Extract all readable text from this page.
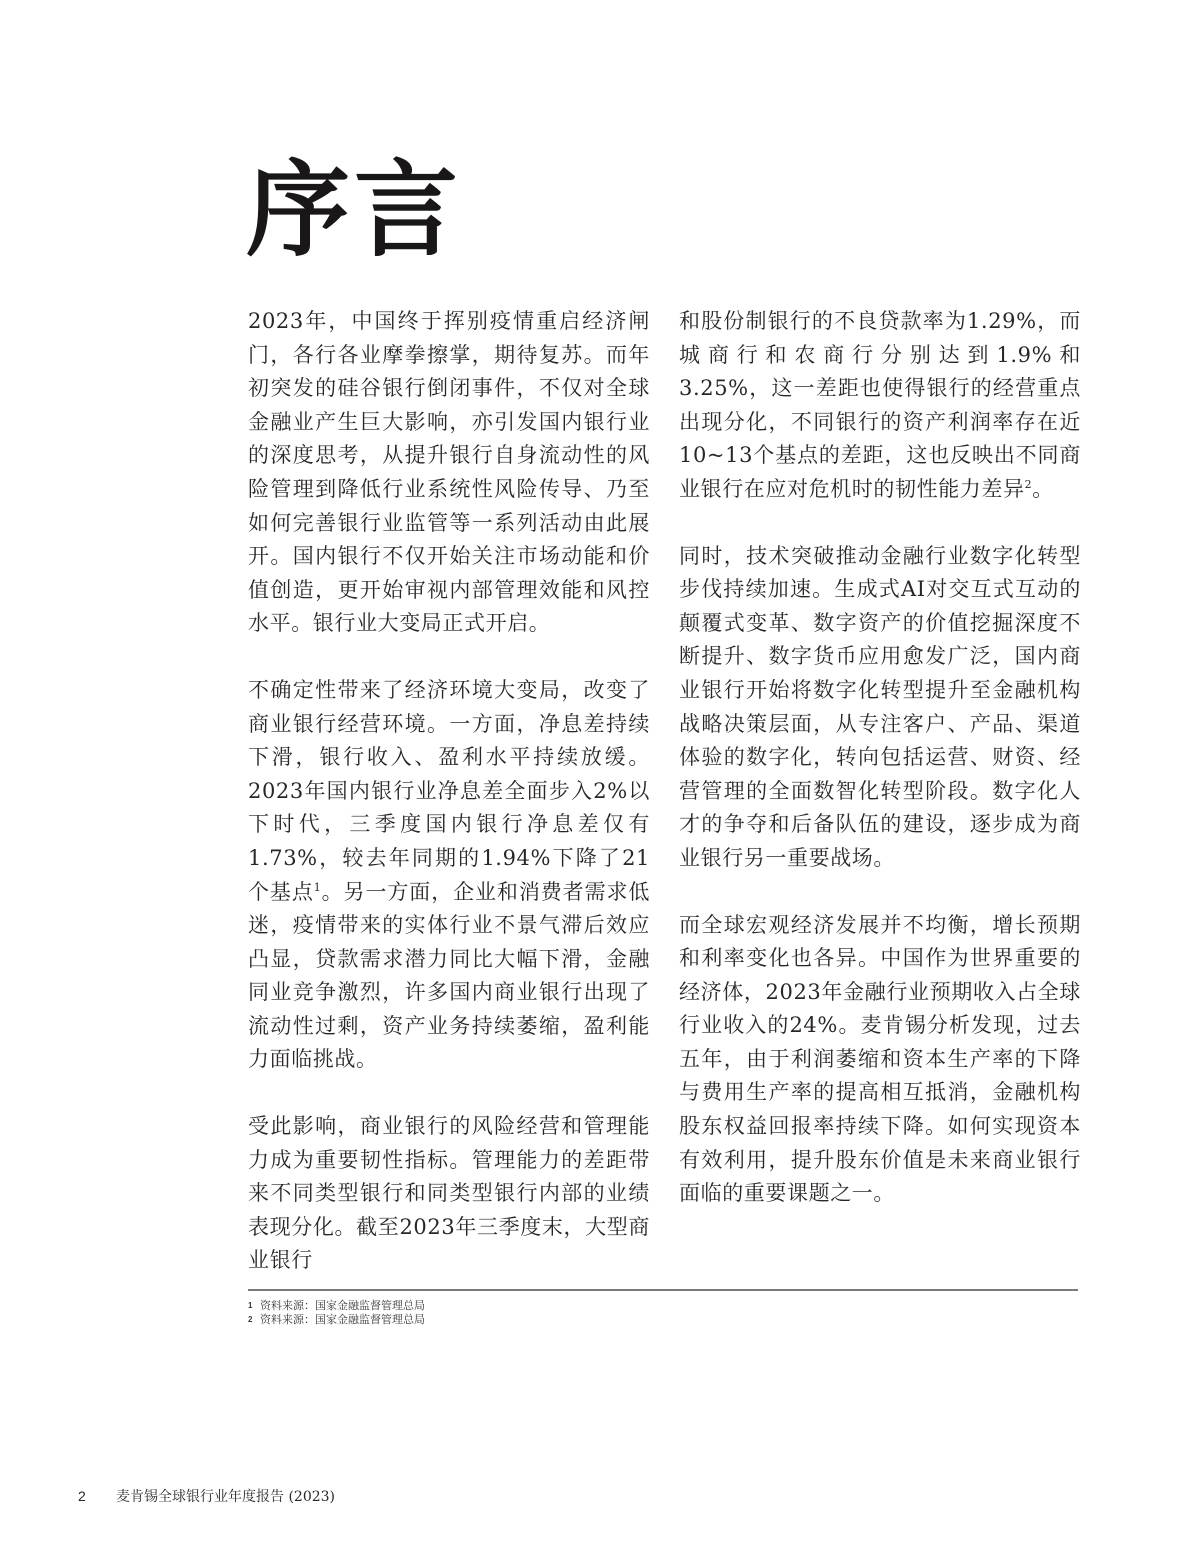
序言

2023年，中国终于挥别疫情重启经济闸门，各行各业摩拳擦掌，期待复苏。而年初突发的硅谷银行倒闭事件，不仅对全球金融业产生巨大影响，亦引发国内银行业的深度思考，从提升银行自身流动性的风险管理到降低行业系统性风险传导、乃至如何完善银行业监管等一系列活动由此展开。国内银行不仅开始关注市场动能和价值创造，更开始审视内部管理效能和风控水平。银行业大变局正式开启。

不确定性带来了经济环境大变局，改变了商业银行经营环境。一方面，净息差持续下滑，银行收入、盈利水平持续放缓。2023年国内银行业净息差全面步入2%以下时代，三季度国内银行净息差仅有1.73%，较去年同期的1.94%下降了21个基点$^1$。另一方面，企业和消费者需求低迷，疫情带来的实体行业不景气滞后效应凸显，贷款需求潜力同比大幅下滑，金融同业竞争激烈，许多国内商业银行出现了流动性过剩，资产业务持续萎缩，盈利能力面临挑战。

受此影响，商业银行的风险经营和管理能力成为重要韧性指标。管理能力的差距带来不同类型银行和同类型银行内部的业绩表现分化。截至2023年三季度末，大型商业银行

和股份制银行的不良贷款率为1.29%，而城商行和农商行分别达到1.9%和3.25%，这一差距也使得银行的经营重点出现分化，不同银行的资产利润率存在近10~13个基点的差距，这也反映出不同商业银行在应对危机时的韧性能力差异$^2$。

同时，技术突破推动金融行业数字化转型步伐持续加速。生成式AI对交互式互动的颠覆式变革、数字资产的价值挖掘深度不断提升、数字货币应用愈发广泛，国内商业银行开始将数字化转型提升至金融机构战略决策层面，从专注客户、产品、渠道体验的数字化，转向包括运营、财资、经营管理的全面数智化转型阶段。数字化人才的争夺和后备队伍的建设，逐步成为商业银行另一重要战场。

而全球宏观经济发展并不均衡，增长预期和利率变化也各异。中国作为世界重要的经济体，2023年金融行业预期收入占全球行业收入的24%。麦肯锡分析发现，过去五年，由于利润萎缩和资本生产率的下降与费用生产率的提高相互抵消，金融机构股东权益回报率持续下降。如何实现资本有效利用，提升股东价值是未来商业银行面临的重要课题之一。

1 资料来源：国家金融监督管理总局
2 资料来源：国家金融监督管理总局
2 麦肯锡全球银行业年度报告 (2023)
